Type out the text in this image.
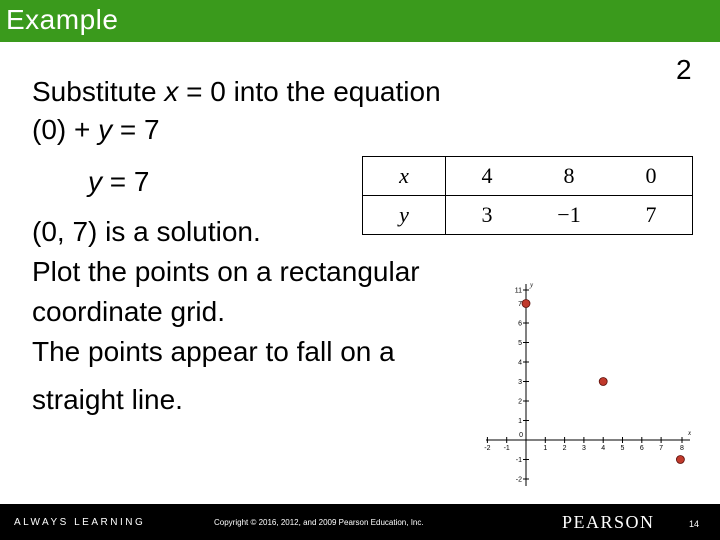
Example
2
Substitute x = 0 into the equation
(0) + y = 7
y = 7
(0, 7) is a solution.
Plot the points on a rectangular
coordinate grid.
The points appear to fall on a
straight line.
x	4	8	0
y	3	−1	7
-2 -1	1 2 3 4 5 6 7 8
0
-2
-1
1
2
3
4
5
6
7
11
x
y
ALWAYS LEARNING	Copyright © 2016, 2012, and 2009 Pearson Education, Inc.	PEARSON	14
